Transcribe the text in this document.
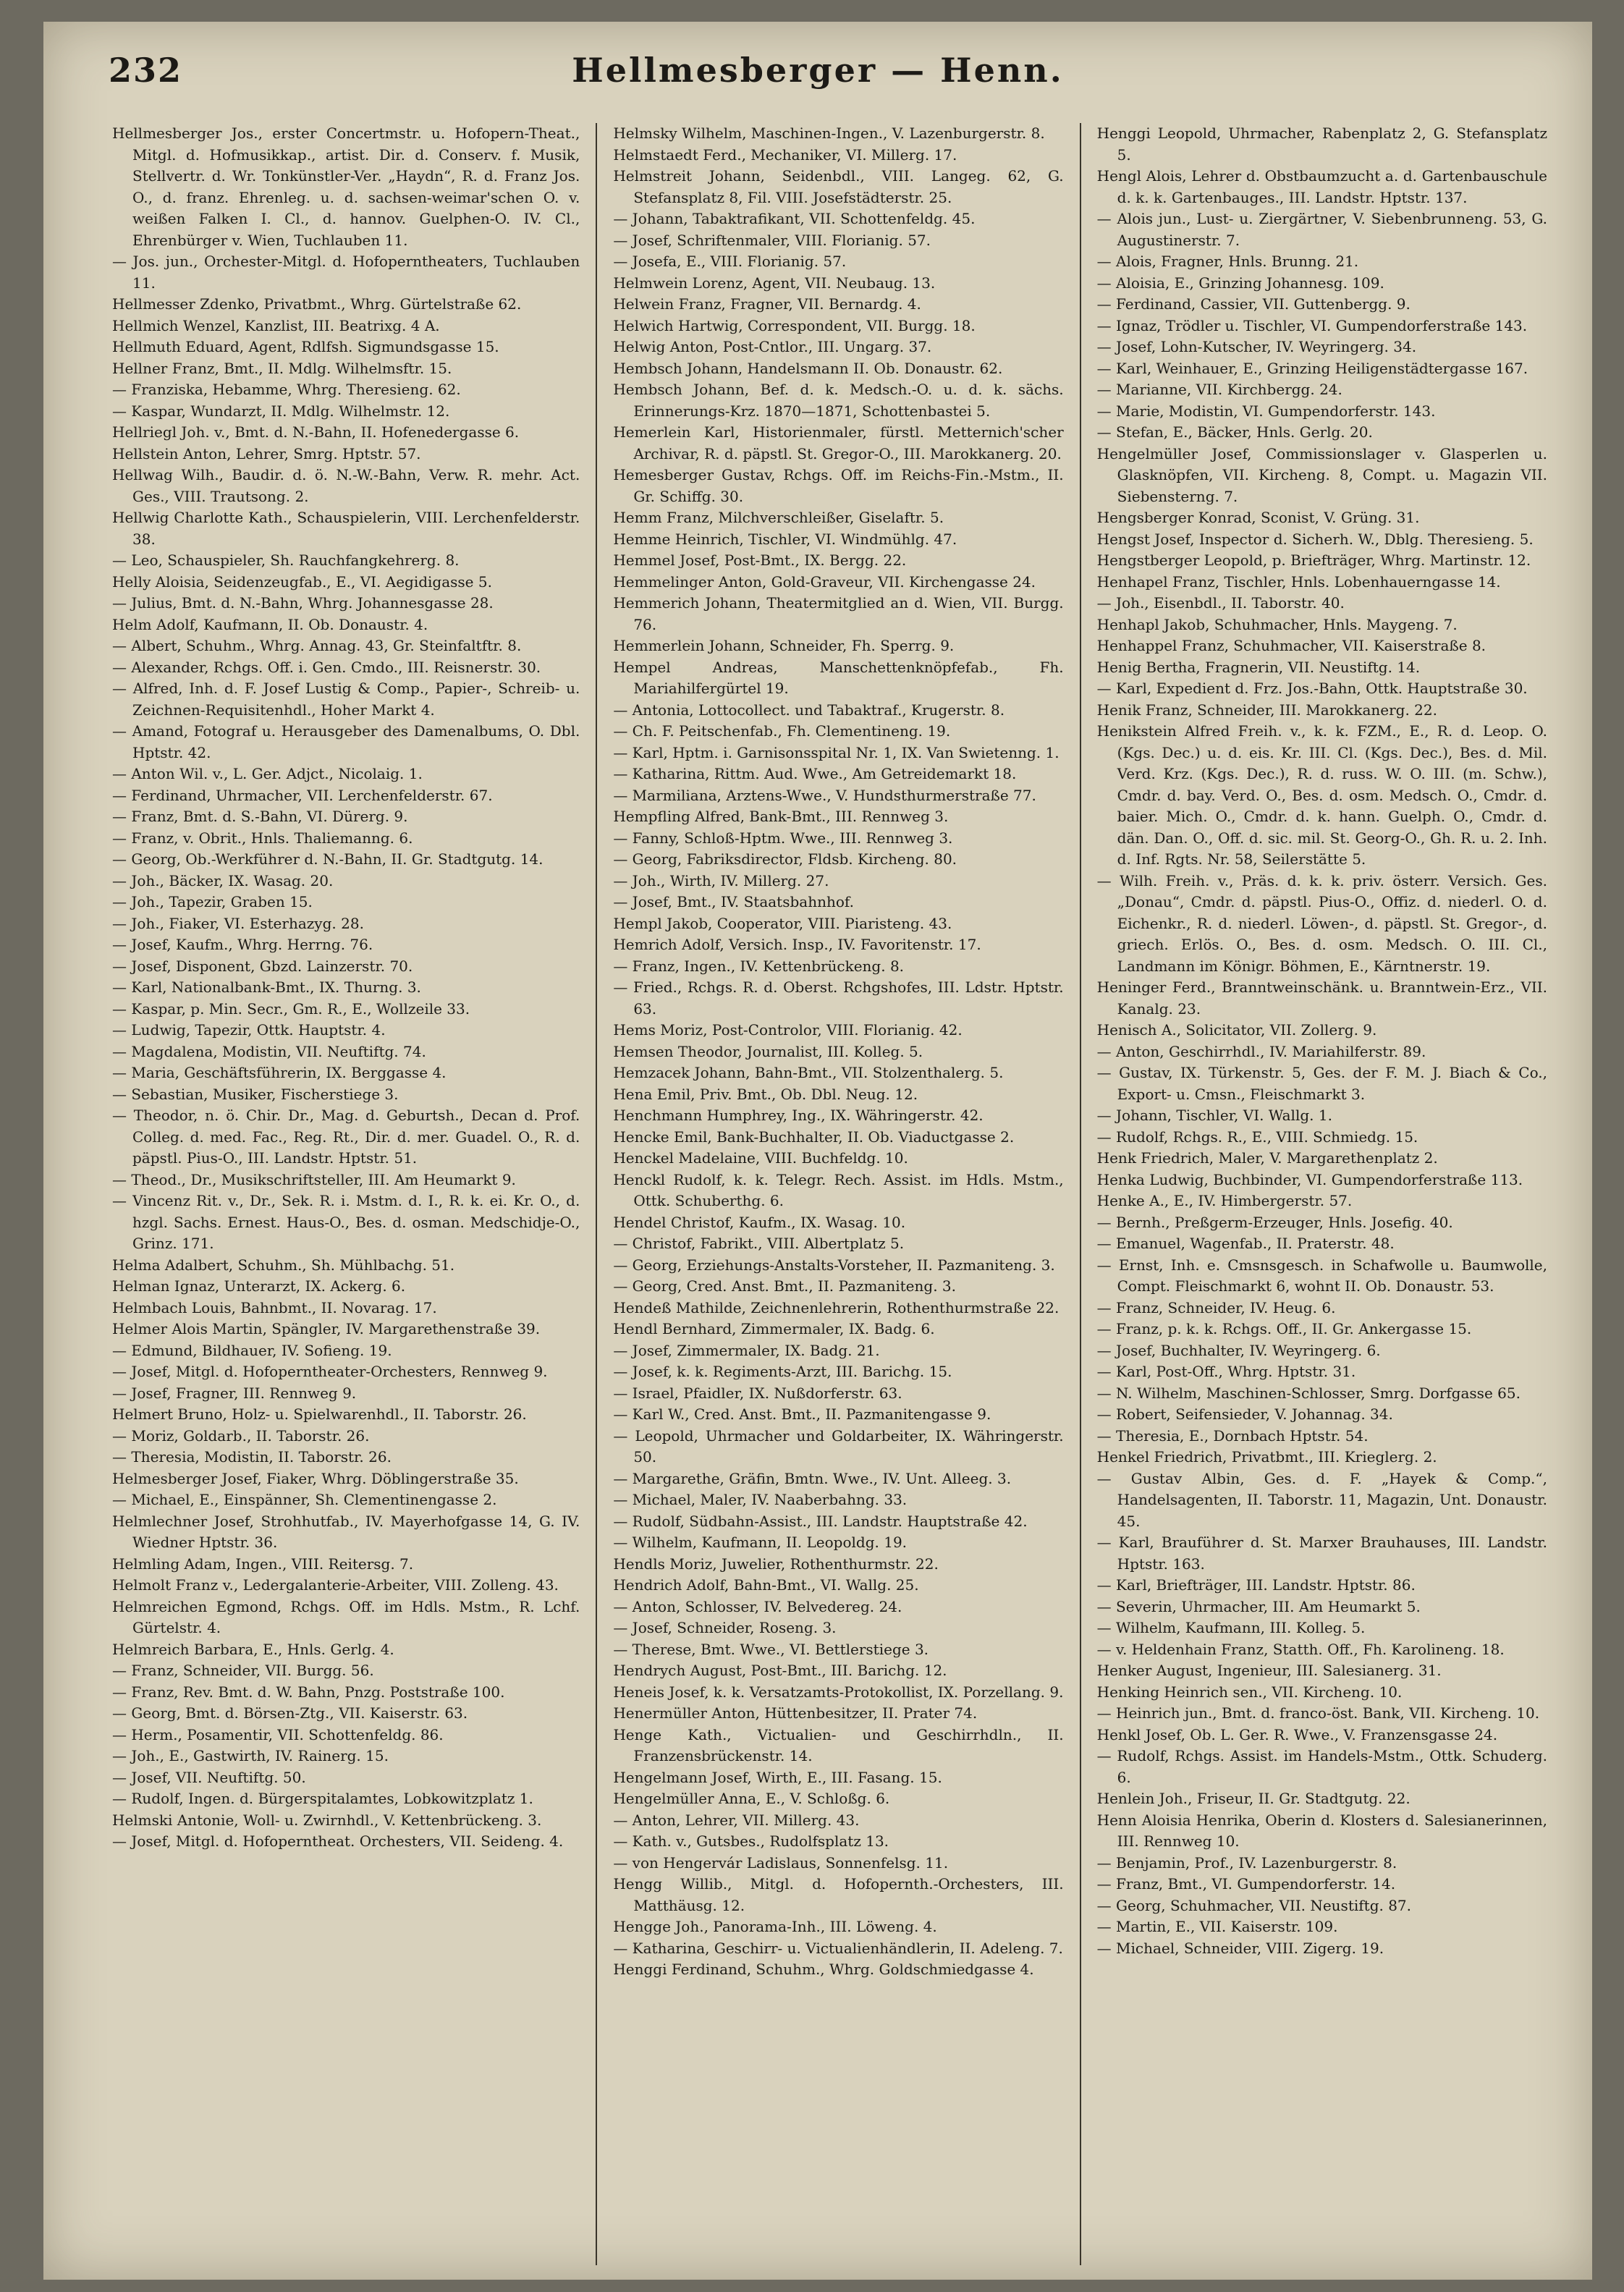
232	Hellmesberger — Henn.

Hellmesberger Jos., erster Concertmstr. u. Hofopern-Theat., Mitgl. d. Hofmusikkap., artist. Dir. d. Conserv. f. Musik, Stellvertr. d. Wr. Tonkünstler-Ver. „Haydn“, R. d. Franz Jos. O., d. franz. Ehrenleg. u. d. sachsen-weimar'schen O. v. weißen Falken I. Cl., d. hannov. Guelphen-O. IV. Cl., Ehrenbürger v. Wien, Tuchlauben 11.

— Jos. jun., Orchester-Mitgl. d. Hofoperntheaters, Tuchlauben 11.

Hellmesser Zdenko, Privatbmt., Whrg. Gürtelstraße 62.

Hellmich Wenzel, Kanzlist, III. Beatrixg. 4 A.

Hellmuth Eduard, Agent, Rdlfsh. Sigmundsgasse 15.

Hellner Franz, Bmt., II. Mdlg. Wilhelmsftr. 15.

— Franziska, Hebamme, Whrg. Theresieng. 62.

— Kaspar, Wundarzt, II. Mdlg. Wilhelmstr. 12.

Hellriegl Joh. v., Bmt. d. N.-Bahn, II. Hofenedergasse 6.

Hellstein Anton, Lehrer, Smrg. Hptstr. 57.

Hellwag Wilh., Baudir. d. ö. N.-W.-Bahn, Verw. R. mehr. Act. Ges., VIII. Trautsong. 2.

Hellwig Charlotte Kath., Schauspielerin, VIII. Lerchenfelderstr. 38.

— Leo, Schauspieler, Sh. Rauchfangkehrerg. 8.

Helly Aloisia, Seidenzeugfab., E., VI. Aegidigasse 5.

— Julius, Bmt. d. N.-Bahn, Whrg. Johannesgasse 28.

Helm Adolf, Kaufmann, II. Ob. Donaustr. 4.

— Albert, Schuhm., Whrg. Annag. 43, Gr. Steinfaltftr. 8.

— Alexander, Rchgs. Off. i. Gen. Cmdo., III. Reisnerstr. 30.

— Alfred, Inh. d. F. Josef Lustig & Comp., Papier-, Schreib- u. Zeichnen-Requisitenhdl., Hoher Markt 4.

— Amand, Fotograf u. Herausgeber des Damenalbums, O. Dbl. Hptstr. 42.

— Anton Wil. v., L. Ger. Adjct., Nicolaig. 1.

— Ferdinand, Uhrmacher, VII. Lerchenfelderstr. 67.

— Franz, Bmt. d. S.-Bahn, VI. Dürerg. 9.

— Franz, v. Obrit., Hnls. Thaliemanng. 6.

— Georg, Ob.-Werkführer d. N.-Bahn, II. Gr. Stadtgutg. 14.

— Joh., Bäcker, IX. Wasag. 20.

— Joh., Tapezir, Graben 15.

— Joh., Fiaker, VI. Esterhazyg. 28.

— Josef, Kaufm., Whrg. Herrng. 76.

— Josef, Disponent, Gbzd. Lainzerstr. 70.

— Karl, Nationalbank-Bmt., IX. Thurng. 3.

— Kaspar, p. Min. Secr., Gm. R., E., Wollzeile 33.

— Ludwig, Tapezir, Ottk. Hauptstr. 4.

— Magdalena, Modistin, VII. Neuftiftg. 74.

— Maria, Geschäftsführerin, IX. Berggasse 4.

— Sebastian, Musiker, Fischerstiege 3.

— Theodor, n. ö. Chir. Dr., Mag. d. Geburtsh., Decan d. Prof. Colleg. d. med. Fac., Reg. Rt., Dir. d. mer. Guadel. O., R. d. päpstl. Pius-O., III. Landstr. Hptstr. 51.

— Theod., Dr., Musikschriftsteller, III. Am Heumarkt 9.

— Vincenz Rit. v., Dr., Sek. R. i. Mstm. d. I., R. k. ei. Kr. O., d. hzgl. Sachs. Ernest. Haus-O., Bes. d. osman. Medschidje-O., Grinz. 171.

Helma Adalbert, Schuhm., Sh. Mühlbachg. 51.

Helman Ignaz, Unterarzt, IX. Ackerg. 6.

Helmbach Louis, Bahnbmt., II. Novarag. 17.

Helmer Alois Martin, Spängler, IV. Margarethenstraße 39.

— Edmund, Bildhauer, IV. Sofieng. 19.

— Josef, Mitgl. d. Hofoperntheater-Orchesters, Rennweg 9.

— Josef, Fragner, III. Rennweg 9.

Helmert Bruno, Holz- u. Spielwarenhdl., II. Taborstr. 26.

— Moriz, Goldarb., II. Taborstr. 26.

— Theresia, Modistin, II. Taborstr. 26.

Helmesberger Josef, Fiaker, Whrg. Döblingerstraße 35.

— Michael, E., Einspänner, Sh. Clementinengasse 2.

Helmlechner Josef, Strohhutfab., IV. Mayerhofgasse 14, G. IV. Wiedner Hptstr. 36.

Helmling Adam, Ingen., VIII. Reitersg. 7.

Helmolt Franz v., Ledergalanterie-Arbeiter, VIII. Zolleng. 43.

Helmreichen Egmond, Rchgs. Off. im Hdls. Mstm., R. Lchf. Gürtelstr. 4.

Helmreich Barbara, E., Hnls. Gerlg. 4.

— Franz, Schneider, VII. Burgg. 56.

— Franz, Rev. Bmt. d. W. Bahn, Pnzg. Poststraße 100.

— Georg, Bmt. d. Börsen-Ztg., VII. Kaiserstr. 63.

— Herm., Posamentir, VII. Schottenfeldg. 86.

— Joh., E., Gastwirth, IV. Rainerg. 15.

— Josef, VII. Neuftiftg. 50.

— Rudolf, Ingen. d. Bürgerspitalamtes, Lobkowitzplatz 1.

Helmski Antonie, Woll- u. Zwirnhdl., V. Kettenbrückeng. 3.

— Josef, Mitgl. d. Hofoperntheat. Orchesters, VII. Seideng. 4.

Helmsky Wilhelm, Maschinen-Ingen., V. Lazenburgerstr. 8.

Helmstaedt Ferd., Mechaniker, VI. Millerg. 17.

Helmstreit Johann, Seidenbdl., VIII. Langeg. 62, G. Stefansplatz 8, Fil. VIII. Josefstädterstr. 25.

— Johann, Tabaktrafikant, VII. Schottenfeldg. 45.

— Josef, Schriftenmaler, VIII. Florianig. 57.

— Josefa, E., VIII. Florianig. 57.

Helmwein Lorenz, Agent, VII. Neubaug. 13.

Helwein Franz, Fragner, VII. Bernardg. 4.

Helwich Hartwig, Correspondent, VII. Burgg. 18.

Helwig Anton, Post-Cntlor., III. Ungarg. 37.

Hembsch Johann, Handelsmann II. Ob. Donaustr. 62.

Hembsch Johann, Bef. d. k. Medsch.-O. u. d. k. sächs. Erinnerungs-Krz. 1870—1871, Schottenbastei 5.

Hemerlein Karl, Historienmaler, fürstl. Metternich'scher Archivar, R. d. päpstl. St. Gregor-O., III. Marokkanerg. 20.

Hemesberger Gustav, Rchgs. Off. im Reichs-Fin.-Mstm., II. Gr. Schiffg. 30.

Hemm Franz, Milchverschleißer, Giselaftr. 5.

Hemme Heinrich, Tischler, VI. Windmühlg. 47.

Hemmel Josef, Post-Bmt., IX. Bergg. 22.

Hemmelinger Anton, Gold-Graveur, VII. Kirchengasse 24.

Hemmerich Johann, Theatermitglied an d. Wien, VII. Burgg. 76.

Hemmerlein Johann, Schneider, Fh. Sperrg. 9.

Hempel Andreas, Manschettenknöpfefab., Fh. Mariahilfergürtel 19.

— Antonia, Lottocollect. und Tabaktraf., Krugerstr. 8.

— Ch. F. Peitschenfab., Fh. Clementineng. 19.

— Karl, Hptm. i. Garnisonsspital Nr. 1, IX. Van Swietenng. 1.

— Katharina, Rittm. Aud. Wwe., Am Getreidemarkt 18.

— Marmiliana, Arztens-Wwe., V. Hundsthurmerstraße 77.

Hempfling Alfred, Bank-Bmt., III. Rennweg 3.

— Fanny, Schloß-Hptm. Wwe., III. Rennweg 3.

— Georg, Fabriksdirector, Fldsb. Kircheng. 80.

— Joh., Wirth, IV. Millerg. 27.

— Josef, Bmt., IV. Staatsbahnhof.

Hempl Jakob, Cooperator, VIII. Piaristeng. 43.

Hemrich Adolf, Versich. Insp., IV. Favoritenstr. 17.

— Franz, Ingen., IV. Kettenbrückeng. 8.

— Fried., Rchgs. R. d. Oberst. Rchgshofes, III. Ldstr. Hptstr. 63.

Hems Moriz, Post-Controlor, VIII. Florianig. 42.

Hemsen Theodor, Journalist, III. Kolleg. 5.

Hemzacek Johann, Bahn-Bmt., VII. Stolzenthalerg. 5.

Hena Emil, Priv. Bmt., Ob. Dbl. Neug. 12.

Henchmann Humphrey, Ing., IX. Währingerstr. 42.

Hencke Emil, Bank-Buchhalter, II. Ob. Viaductgasse 2.

Henckel Madelaine, VIII. Buchfeldg. 10.

Henckl Rudolf, k. k. Telegr. Rech. Assist. im Hdls. Mstm., Ottk. Schuberthg. 6.

Hendel Christof, Kaufm., IX. Wasag. 10.

— Christof, Fabrikt., VIII. Albertplatz 5.

— Georg, Erziehungs-Anstalts-Vorsteher, II. Pazmaniteng. 3.

— Georg, Cred. Anst. Bmt., II. Pazmaniteng. 3.

Hendeß Mathilde, Zeichnenlehrerin, Rothenthurmstraße 22.

Hendl Bernhard, Zimmermaler, IX. Badg. 6.

— Josef, Zimmermaler, IX. Badg. 21.

— Josef, k. k. Regiments-Arzt, III. Barichg. 15.

— Israel, Pfaidler, IX. Nußdorferstr. 63.

— Karl W., Cred. Anst. Bmt., II. Pazmanitengasse 9.

— Leopold, Uhrmacher und Goldarbeiter, IX. Währingerstr. 50.

— Margarethe, Gräfin, Bmtn. Wwe., IV. Unt. Alleeg. 3.

— Michael, Maler, IV. Naaberbahng. 33.

— Rudolf, Südbahn-Assist., III. Landstr. Hauptstraße 42.

— Wilhelm, Kaufmann, II. Leopoldg. 19.

Hendls Moriz, Juwelier, Rothenthurmstr. 22.

Hendrich Adolf, Bahn-Bmt., VI. Wallg. 25.

— Anton, Schlosser, IV. Belvedereg. 24.

— Josef, Schneider, Roseng. 3.

— Therese, Bmt. Wwe., VI. Bettlerstiege 3.

Hendrych August, Post-Bmt., III. Barichg. 12.

Heneis Josef, k. k. Versatzamts-Protokollist, IX. Porzellang. 9.

Henermüller Anton, Hüttenbesitzer, II. Prater 74.

Henge Kath., Victualien- und Geschirrhdln., II. Franzensbrückenstr. 14.

Hengelmann Josef, Wirth, E., III. Fasang. 15.

Hengelmüller Anna, E., V. Schloßg. 6.

— Anton, Lehrer, VII. Millerg. 43.

— Kath. v., Gutsbes., Rudolfsplatz 13.

— von Hengervár Ladislaus, Sonnenfelsg. 11.

Hengg Willib., Mitgl. d. Hofopernth.-Orchesters, III. Matthäusg. 12.

Hengge Joh., Panorama-Inh., III. Löweng. 4.

— Katharina, Geschirr- u. Victualienhändlerin, II. Adeleng. 7.

Henggi Ferdinand, Schuhm., Whrg. Goldschmiedgasse 4.

Henggi Leopold, Uhrmacher, Rabenplatz 2, G. Stefansplatz 5.

Hengl Alois, Lehrer d. Obstbaumzucht a. d. Gartenbauschule d. k. k. Gartenbauges., III. Landstr. Hptstr. 137.

— Alois jun., Lust- u. Ziergärtner, V. Siebenbrunneng. 53, G. Augustinerstr. 7.

— Alois, Fragner, Hnls. Brunng. 21.

— Aloisia, E., Grinzing Johannesg. 109.

— Ferdinand, Cassier, VII. Guttenbergg. 9.

— Ignaz, Trödler u. Tischler, VI. Gumpendorferstraße 143.

— Josef, Lohn-Kutscher, IV. Weyringerg. 34.

— Karl, Weinhauer, E., Grinzing Heiligenstädtergasse 167.

— Marianne, VII. Kirchbergg. 24.

— Marie, Modistin, VI. Gumpendorferstr. 143.

— Stefan, E., Bäcker, Hnls. Gerlg. 20.

Hengelmüller Josef, Commissionslager v. Glasperlen u. Glasknöpfen, VII. Kircheng. 8, Compt. u. Magazin VII. Siebensterng. 7.

Hengsberger Konrad, Sconist, V. Grüng. 31.

Hengst Josef, Inspector d. Sicherh. W., Dblg. Theresieng. 5.

Hengstberger Leopold, p. Briefträger, Whrg. Martinstr. 12.

Henhapel Franz, Tischler, Hnls. Lobenhauerngasse 14.

— Joh., Eisenbdl., II. Taborstr. 40.

Henhapl Jakob, Schuhmacher, Hnls. Maygeng. 7.

Henhappel Franz, Schuhmacher, VII. Kaiserstraße 8.

Henig Bertha, Fragnerin, VII. Neustiftg. 14.

— Karl, Expedient d. Frz. Jos.-Bahn, Ottk. Hauptstraße 30.

Henik Franz, Schneider, III. Marokkanerg. 22.

Henikstein Alfred Freih. v., k. k. FZM., E., R. d. Leop. O. (Kgs. Dec.) u. d. eis. Kr. III. Cl. (Kgs. Dec.), Bes. d. Mil. Verd. Krz. (Kgs. Dec.), R. d. russ. W. O. III. (m. Schw.), Cmdr. d. bay. Verd. O., Bes. d. osm. Medsch. O., Cmdr. d. baier. Mich. O., Cmdr. d. k. hann. Guelph. O., Cmdr. d. dän. Dan. O., Off. d. sic. mil. St. Georg-O., Gh. R. u. 2. Inh. d. Inf. Rgts. Nr. 58, Seilerstätte 5.

— Wilh. Freih. v., Präs. d. k. k. priv. österr. Versich. Ges. „Donau“, Cmdr. d. päpstl. Pius-O., Offiz. d. niederl. O. d. Eichenkr., R. d. niederl. Löwen-, d. päpstl. St. Gregor-, d. griech. Erlös. O., Bes. d. osm. Medsch. O. III. Cl., Landmann im Königr. Böhmen, E., Kärntnerstr. 19.

Heninger Ferd., Branntweinschänk. u. Branntwein-Erz., VII. Kanalg. 23.

Henisch A., Solicitator, VII. Zollerg. 9.

— Anton, Geschirrhdl., IV. Mariahilferstr. 89.

— Gustav, IX. Türkenstr. 5, Ges. der F. M. J. Biach & Co., Export- u. Cmsn., Fleischmarkt 3.

— Johann, Tischler, VI. Wallg. 1.

— Rudolf, Rchgs. R., E., VIII. Schmiedg. 15.

Henk Friedrich, Maler, V. Margarethenplatz 2.

Henka Ludwig, Buchbinder, VI. Gumpendorferstraße 113.

Henke A., E., IV. Himbergerstr. 57.

— Bernh., Preßgerm-Erzeuger, Hnls. Josefig. 40.

— Emanuel, Wagenfab., II. Praterstr. 48.

— Ernst, Inh. e. Cmsnsgesch. in Schafwolle u. Baumwolle, Compt. Fleischmarkt 6, wohnt II. Ob. Donaustr. 53.

— Franz, Schneider, IV. Heug. 6.

— Franz, p. k. k. Rchgs. Off., II. Gr. Ankergasse 15.

— Josef, Buchhalter, IV. Weyringerg. 6.

— Karl, Post-Off., Whrg. Hptstr. 31.

— N. Wilhelm, Maschinen-Schlosser, Smrg. Dorfgasse 65.

— Robert, Seifensieder, V. Johannag. 34.

— Theresia, E., Dornbach Hptstr. 54.

Henkel Friedrich, Privatbmt., III. Krieglerg. 2.

— Gustav Albin, Ges. d. F. „Hayek & Comp.“, Handelsagenten, II. Taborstr. 11, Magazin, Unt. Donaustr. 45.

— Karl, Brauführer d. St. Marxer Brauhauses, III. Landstr. Hptstr. 163.

— Karl, Briefträger, III. Landstr. Hptstr. 86.

— Severin, Uhrmacher, III. Am Heumarkt 5.

— Wilhelm, Kaufmann, III. Kolleg. 5.

— v. Heldenhain Franz, Statth. Off., Fh. Karolineng. 18.

Henker August, Ingenieur, III. Salesianerg. 31.

Henking Heinrich sen., VII. Kircheng. 10.

— Heinrich jun., Bmt. d. franco-öst. Bank, VII. Kircheng. 10.

Henkl Josef, Ob. L. Ger. R. Wwe., V. Franzensgasse 24.

— Rudolf, Rchgs. Assist. im Handels-Mstm., Ottk. Schuderg. 6.

Henlein Joh., Friseur, II. Gr. Stadtgutg. 22.

Henn Aloisia Henrika, Oberin d. Klosters d. Salesianerinnen, III. Rennweg 10.

— Benjamin, Prof., IV. Lazenburgerstr. 8.

— Franz, Bmt., VI. Gumpendorferstr. 14.

— Georg, Schuhmacher, VII. Neustiftg. 87.

— Martin, E., VII. Kaiserstr. 109.

— Michael, Schneider, VIII. Zigerg. 19.
